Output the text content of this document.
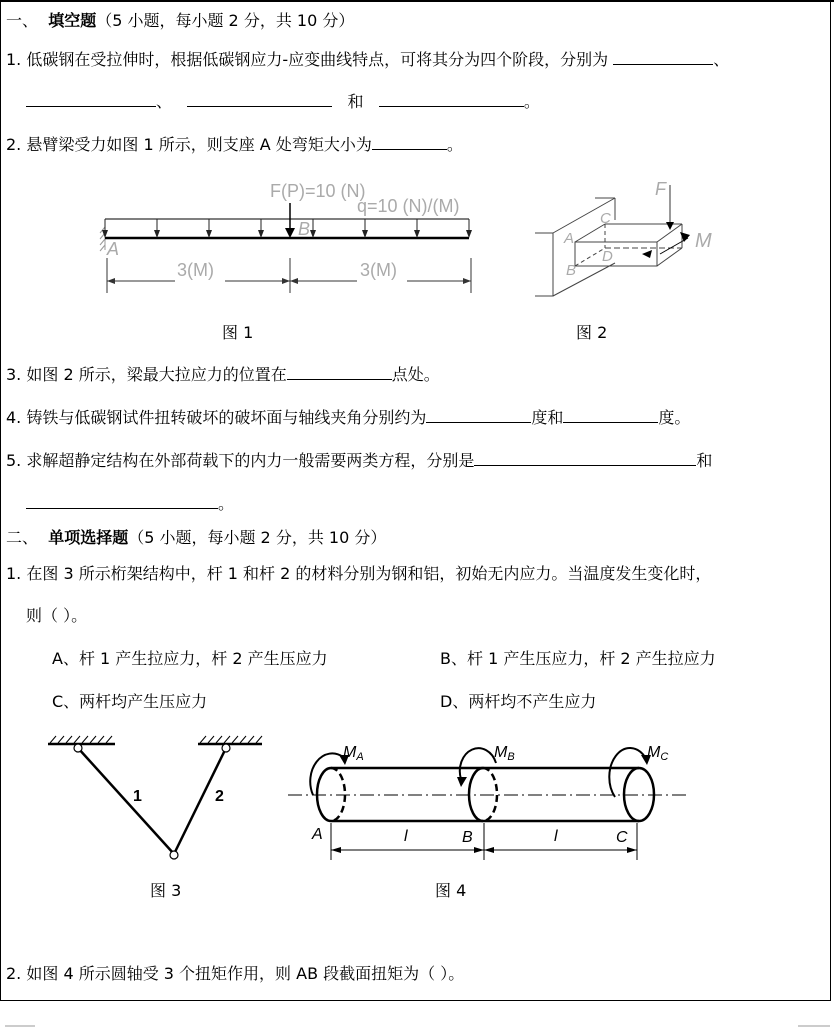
一、 填空题（5 小题，每小题 2 分，共 10 分）
1. 低碳钢在受拉伸时，根据低碳钢应力-应变曲线特点，可将其分为四个阶段，分别为	、
、	和	。
2. 悬臂梁受力如图 1 所示，则支座 A 处弯矩大小为	。
F(P)=10 (N)
q=10 (N)/(M)
A
B
3(M)	3(M)
图 1
F
M
A
C
B
D
图 2
3. 如图 2 所示，梁最大拉应力的位置在	点处。
4. 铸铁与低碳钢试件扭转破坏的破坏面与轴线夹角分别约为	度和	度。
5. 求解超静定结构在外部荷载下的内力一般需要两类方程，分别是	和
。
二、 单项选择题（5 小题，每小题 2 分，共 10 分）
1. 在图 3 所示桁架结构中，杆 1 和杆 2 的材料分别为钢和铝，初始无内应力。当温度发生变化时，
则（ ）。
A、杆 1 产生拉应力，杆 2 产生压应力	B、杆 1 产生压应力，杆 2 产生拉应力
C、两杆均产生压应力	D、两杆均不产生应力
1	2
图 3
MA	MB	MC
A	B	C
l	l
图 4
2. 如图 4 所示圆轴受 3 个扭矩作用，则 AB 段截面扭矩为（ ）。
